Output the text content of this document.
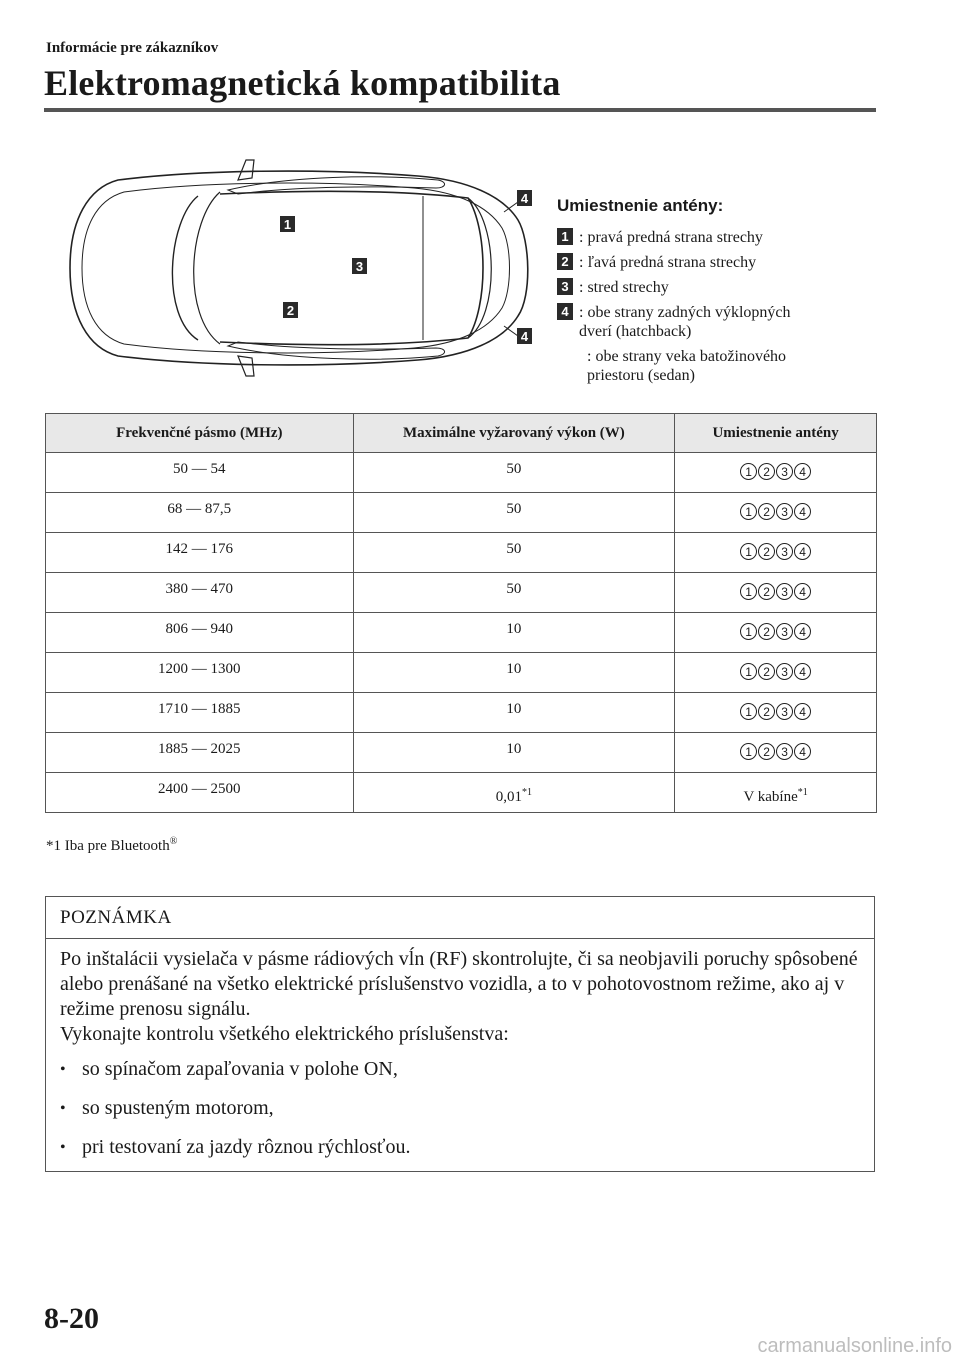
Informácie pre zákazníkov
Elektromagnetická kompatibilita
1
2
3
4
4
Umiestnenie antény:
1 : pravá predná strana strechy
2 : ľavá predná strana strechy
3 : stred strechy
4 : obe strany zadných výklopných
dverí (hatchback)
: obe strany veka batožinového
priestoru (sedan)
Frekvenčné pásmo (MHz)	Maximálne vyžarovaný výkon (W)	Umiestnenie antény
50 — 54	50	1 2 3 4
68 — 87,5	50	1 2 3 4
142 — 176	50	1 2 3 4
380 — 470	50	1 2 3 4
806 — 940	10	1 2 3 4
1200 — 1300	10	1 2 3 4
1710 — 1885	10	1 2 3 4
1885 — 2025	10	1 2 3 4
2400 — 2500	0,01$^{*1}$	V kabíne$^{*1}$
*1 Iba pre Bluetooth®
POZNÁMKA

Po inštalácii vysielača v pásme rádiových vĺn (RF) skontrolujte, či sa neobjavili poruchy spôsobené alebo prenášané na všetko elektrické príslušenstvo vozidla, a to v pohotovostnom režime, ako aj v režime prenosu signálu.

Vykonajte kontrolu všetkého elektrického príslušenstva:

• so spínačom zapaľovania v polohe ON,
• so spusteným motorom,
• pri testovaní za jazdy rôznou rýchlosťou.
8-20
carmanualsonline.info
